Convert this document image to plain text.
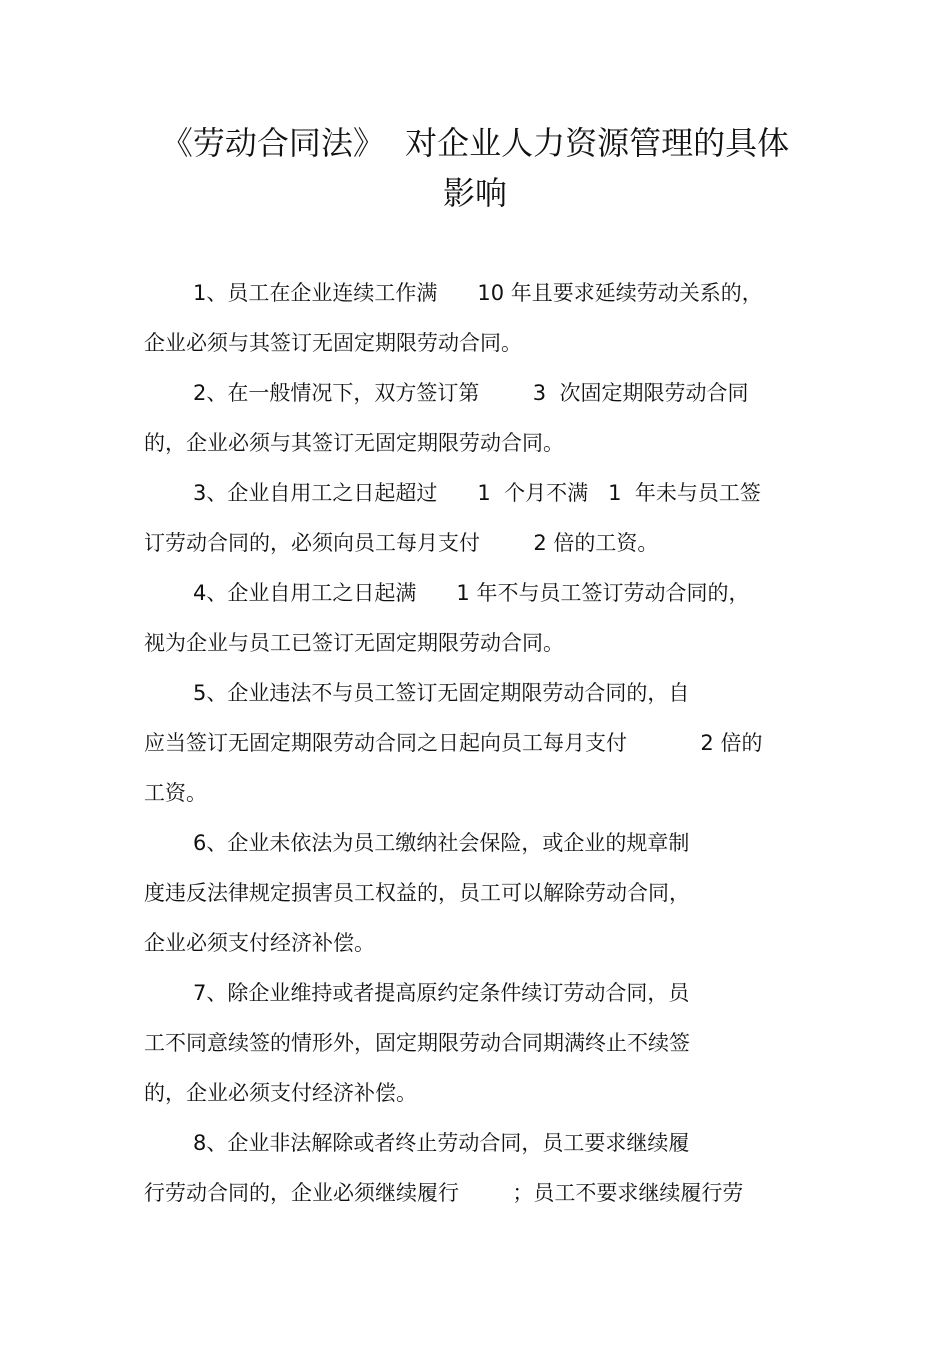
《劳动合同法》  对企业人力资源管理的具体
影响
1、员工在企业连续工作满      10 年且要求延续劳动关系的，
企业必须与其签订无固定期限劳动合同。
2、在一般情况下，双方签订第        3  次固定期限劳动合同
的，企业必须与其签订无固定期限劳动合同。
3、企业自用工之日起超过      1  个月不满   1  年未与员工签
订劳动合同的，必须向员工每月支付        2 倍的工资。
4、企业自用工之日起满      1 年不与员工签订劳动合同的，
视为企业与员工已签订无固定期限劳动合同。
5、企业违法不与员工签订无固定期限劳动合同的，自
应当签订无固定期限劳动合同之日起向员工每月支付           2 倍的
工资。
6、企业未依法为员工缴纳社会保险，或企业的规章制
度违反法律规定损害员工权益的，员工可以解除劳动合同，
企业必须支付经济补偿。
7、除企业维持或者提高原约定条件续订劳动合同，员
工不同意续签的情形外，固定期限劳动合同期满终止不续签
的，企业必须支付经济补偿。
8、企业非法解除或者终止劳动合同，员工要求继续履
行劳动合同的，企业必须继续履行        ；员工不要求继续履行劳
